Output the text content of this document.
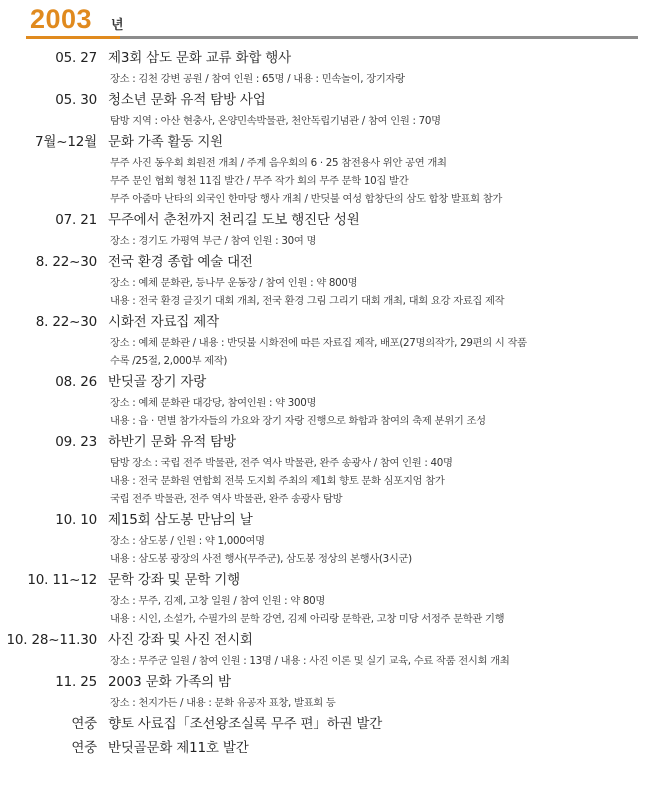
2003 년
05. 27 제3회 삼도 문화 교류 화합 행사
장소 : 김천 강변 공원 / 참여 인원 : 65명 / 내용 : 민속놀이, 장기자랑
05. 30 청소년 문화 유적 탐방 사업
탐방 지역 : 아산 현충사, 온양민속박물관, 천안독립기념관 / 참여 인원 : 70명
7월~12월 문화 가족 활동 지원
무주 사진 동우회 회원전 개최 / 주계 음우회의 6 · 25 참전용사 위안 공연 개최
무주 문인 협회 형천 11집 발간 / 무주 작가 회의 무주 문학 10집 발간
무주 아줌마 난타의 외국인 한마당 행사 개최 / 반딧불 여성 합창단의 삼도 합창 발표회 참가
07. 21 무주에서 춘천까지 천리길 도보 행진단 성원
장소 : 경기도 가평역 부근 / 참여 인원 : 30여 명
8. 22~30 전국 환경 종합 예술 대전
장소 : 예체 문화관, 등나무 운동장 / 참여 인원 : 약 800명
내용 : 전국 환경 글짓기 대회 개최, 전국 환경 그림 그리기 대회 개최, 대회 요강 자료집 제작
8. 22~30 시화전 자료집 제작
장소 : 예체 문화관 / 내용 : 반딧불 시화전에 따른 자료집 제작, 배포(27명의작가, 29편의 시 작품
수록 /25절, 2,000부 제작)
08. 26 반딧골 장기 자랑
장소 : 예체 문화관 대강당, 참여인원 : 약 300명
내용 : 읍 · 면별 참가자들의 가요와 장기 자랑 진행으로 화합과 참여의 축제 분위기 조성
09. 23 하반기 문화 유적 탐방
탐방 장소 : 국립 전주 박물관, 전주 역사 박물관, 완주 송광사 / 참여 인원 : 40명
내용 : 전국 문화원 연합회 전북 도지회 주최의 제1회 향토 문화 심포지엄 참가
국립 전주 박물관, 전주 역사 박물관, 완주 송광사 탐방
10. 10 제15회 삼도봉 만남의 날
장소 : 삼도봉 / 인원 : 약 1,000여명
내용 : 삼도봉 광장의 사전 행사(무주군), 삼도봉 정상의 본행사(3시군)
10. 11~12 문학 강좌 및 문학 기행
장소 : 무주, 김제, 고창 일원 / 참여 인원 : 약 80명
내용 : 시인, 소설가, 수필가의 문학 강연, 김제 아리랑 문학관, 고창 미당 서정주 문학관 기행
10. 28~11.30 사진 강좌 및 사진 전시회
장소 : 무주군 일원 / 참여 인원 : 13명 / 내용 : 사진 이론 및 실기 교육, 수료 작품 전시회 개최
11. 25 2003 문화 가족의 밤
장소 : 천지가든 / 내용 : 문화 유공자 표창, 발표회 등
연중 향토 사료집「조선왕조실록 무주 편」하권 발간
연중 반딧골문화 제11호 발간
